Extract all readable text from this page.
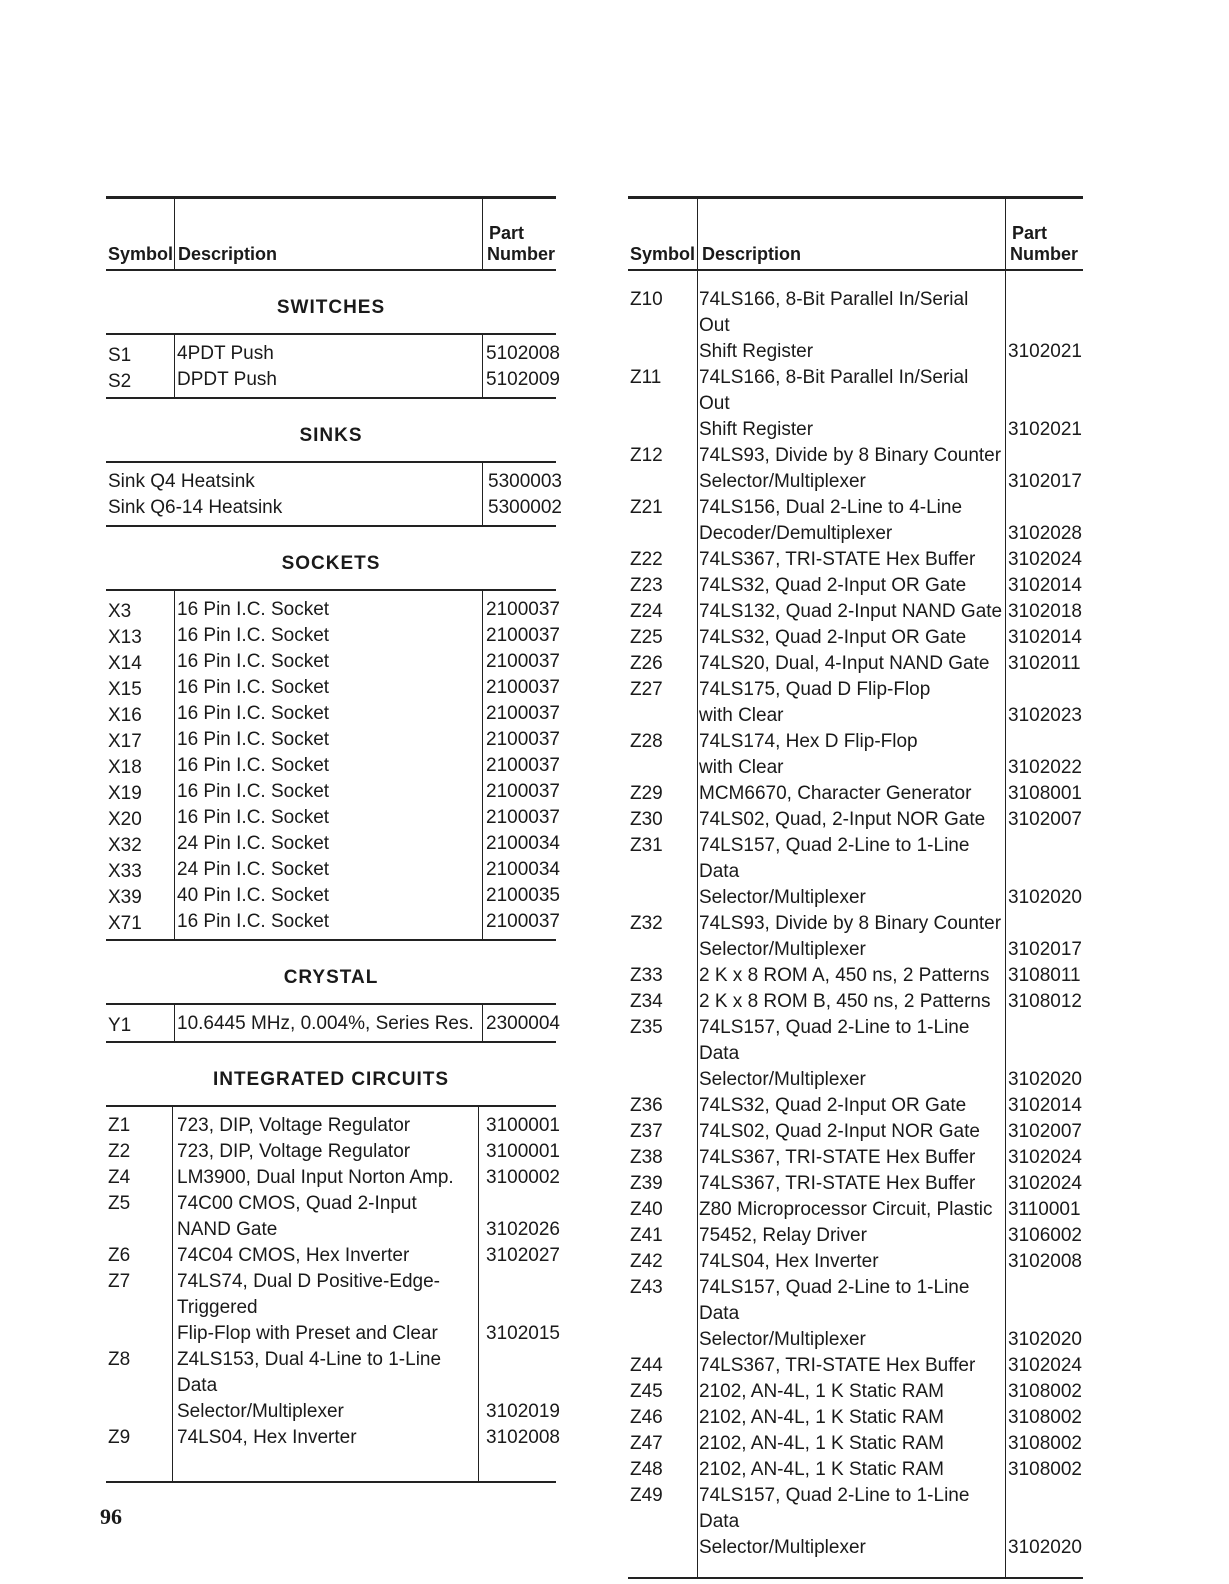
Symbol Description
Part
Number
SWITCHES
S1	4PDT Push	5102008
S2	DPDT Push	5102009
SINKS
Sink Q4 Heatsink	5300003
Sink Q6-14 Heatsink	5300002
SOCKETS
X3	16 Pin I.C. Socket	2100037
X13	16 Pin I.C. Socket	2100037
X14	16 Pin I.C. Socket	2100037
X15	16 Pin I.C. Socket	2100037
X16	16 Pin I.C. Socket	2100037
X17	16 Pin I.C. Socket	2100037
X18	16 Pin I.C. Socket	2100037
X19	16 Pin I.C. Socket	2100037
X20	16 Pin I.C. Socket	2100037
X32	24 Pin I.C. Socket	2100034
X33	24 Pin I.C. Socket	2100034
X39	40 Pin I.C. Socket	2100035
X71	16 Pin I.C. Socket	2100037
CRYSTAL
Y1	10.6445 MHz, 0.004%, Series Res. 2300004
INTEGRATED CIRCUITS
Z1	723, DIP, Voltage Regulator	3100001
Z2	723, DIP, Voltage Regulator	3100001
Z4	LM3900, Dual Input Norton Amp.	3100002
Z5	74C00 CMOS, Quad 2-Input
NAND Gate	3102026
Z6	74C04 CMOS, Hex Inverter	3102027
Z7	74LS74, Dual D Positive-Edge-Triggered
Flip-Flop with Preset and Clear	3102015
Z8	Z4LS153, Dual 4-Line to 1-Line Data
Selector/Multiplexer	3102019
Z9	74LS04, Hex Inverter	3102008
Symbol Description
Part
Number
Z10	74LS166, 8-Bit Parallel In/Serial Out
Shift Register	3102021
Z11	74LS166, 8-Bit Parallel In/Serial Out
Shift Register	3102021
Z12	74LS93, Divide by 8 Binary Counter
Selector/Multiplexer	3102017
Z21	74LS156, Dual 2-Line to 4-Line
Decoder/Demultiplexer	3102028
Z22	74LS367, TRI-STATE Hex Buffer	3102024
Z23	74LS32, Quad 2-Input OR Gate	3102014
Z24	74LS132, Quad 2-Input NAND Gate 3102018
Z25	74LS32, Quad 2-Input OR Gate	3102014
Z26	74LS20, Dual, 4-Input NAND Gate 3102011
Z27	74LS175, Quad D Flip-Flop
with Clear	3102023
Z28	74LS174, Hex D Flip-Flop
with Clear	3102022
Z29	MCM6670, Character Generator	3108001
Z30	74LS02, Quad, 2-Input NOR Gate	3102007
Z31	74LS157, Quad 2-Line to 1-Line Data
Selector/Multiplexer	3102020
Z32	74LS93, Divide by 8 Binary Counter
Selector/Multiplexer	3102017
Z33	2 K x 8 ROM A, 450 ns, 2 Patterns 3108011
Z34	2 K x 8 ROM B, 450 ns, 2 Patterns 3108012
Z35	74LS157, Quad 2-Line to 1-Line Data
Selector/Multiplexer	3102020
Z36	74LS32, Quad 2-Input OR Gate	3102014
Z37	74LS02, Quad 2-Input NOR Gate	3102007
Z38	74LS367, TRI-STATE Hex Buffer	3102024
Z39	74LS367, TRI-STATE Hex Buffer	3102024
Z40	Z80 Microprocessor Circuit, Plastic 3110001
Z41	75452, Relay Driver	3106002
Z42	74LS04, Hex Inverter	3102008
Z43	74LS157, Quad 2-Line to 1-Line Data
Selector/Multiplexer	3102020
Z44	74LS367, TRI-STATE Hex Buffer	3102024
Z45	2102, AN-4L, 1 K Static RAM	3108002
Z46	2102, AN-4L, 1 K Static RAM	3108002
Z47	2102, AN-4L, 1 K Static RAM	3108002
Z48	2102, AN-4L, 1 K Static RAM	3108002
Z49	74LS157, Quad 2-Line to 1-Line Data
Selector/Multiplexer	3102020
96
